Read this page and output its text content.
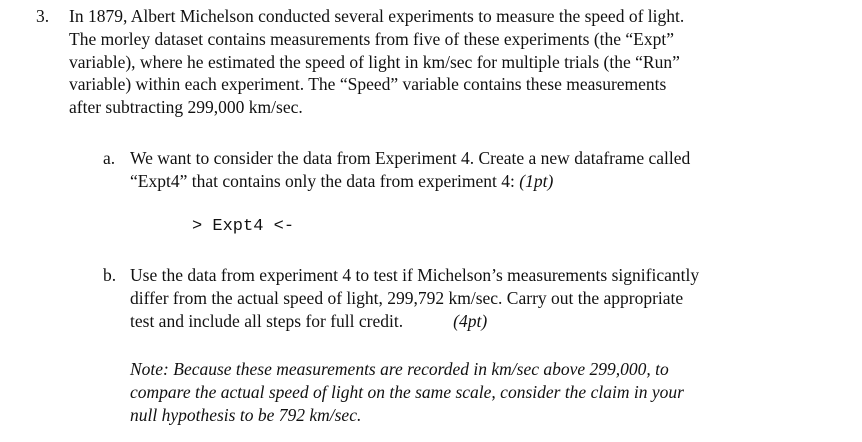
3.	In 1879, Albert Michelson conducted several experiments to measure the speed of light.
The morley dataset contains measurements from five of these experiments (the “Expt”
variable), where he estimated the speed of light in km/sec for multiple trials (the “Run”
variable) within each experiment. The “Speed” variable contains these measurements
after subtracting 299,000 km/sec.
a. We want to consider the data from Experiment 4. Create a new dataframe called
“Expt4” that contains only the data from experiment 4: (1pt)
> Expt4 <-
b. Use the data from experiment 4 to test if Michelson’s measurements significantly
differ from the actual speed of light, 299,792 km/sec. Carry out the appropriate
test and include all steps for full credit.	(4pt)
Note: Because these measurements are recorded in km/sec above 299,000, to
compare the actual speed of light on the same scale, consider the claim in your
null hypothesis to be 792 km/sec.
